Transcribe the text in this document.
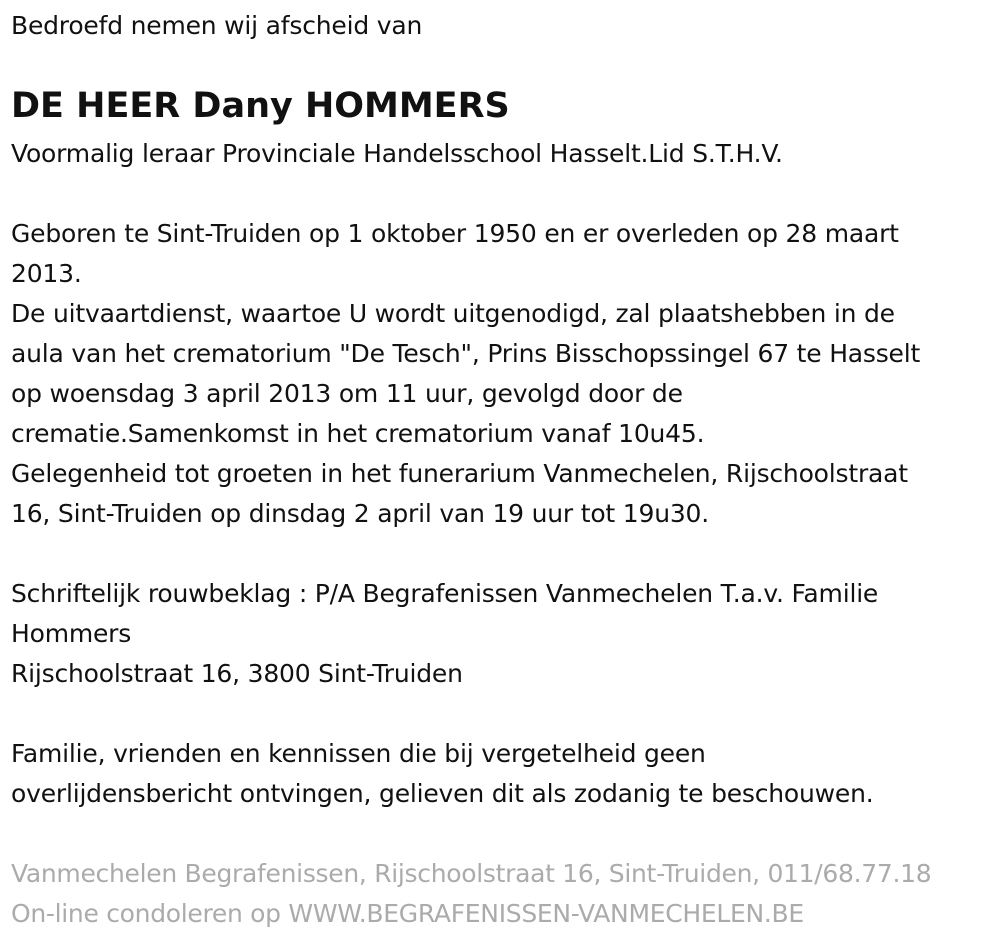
Bedroefd nemen wij afscheid van

DE HEER Dany HOMMERS

Voormalig leraar Provinciale Handelsschool Hasselt.Lid S.T.H.V.

Geboren te Sint-Truiden op 1 oktober 1950 en er overleden op 28 maart

2013.

De uitvaartdienst, waartoe U wordt uitgenodigd, zal plaatshebben in de

aula van het crematorium "De Tesch", Prins Bisschopssingel 67 te Hasselt

op woensdag 3 april 2013 om 11 uur, gevolgd door de

crematie.Samenkomst in het crematorium vanaf 10u45.

Gelegenheid tot groeten in het funerarium Vanmechelen, Rijschoolstraat

16, Sint-Truiden op dinsdag 2 april van 19 uur tot 19u30.

Schriftelijk rouwbeklag : P/A Begrafenissen Vanmechelen T.a.v. Familie

Hommers

Rijschoolstraat 16, 3800 Sint-Truiden

Familie, vrienden en kennissen die bij vergetelheid geen

overlijdensbericht ontvingen, gelieven dit als zodanig te beschouwen.

Vanmechelen Begrafenissen, Rijschoolstraat 16, Sint-Truiden, 011/68.77.18

On-line condoleren op WWW.BEGRAFENISSEN-VANMECHELEN.BE
